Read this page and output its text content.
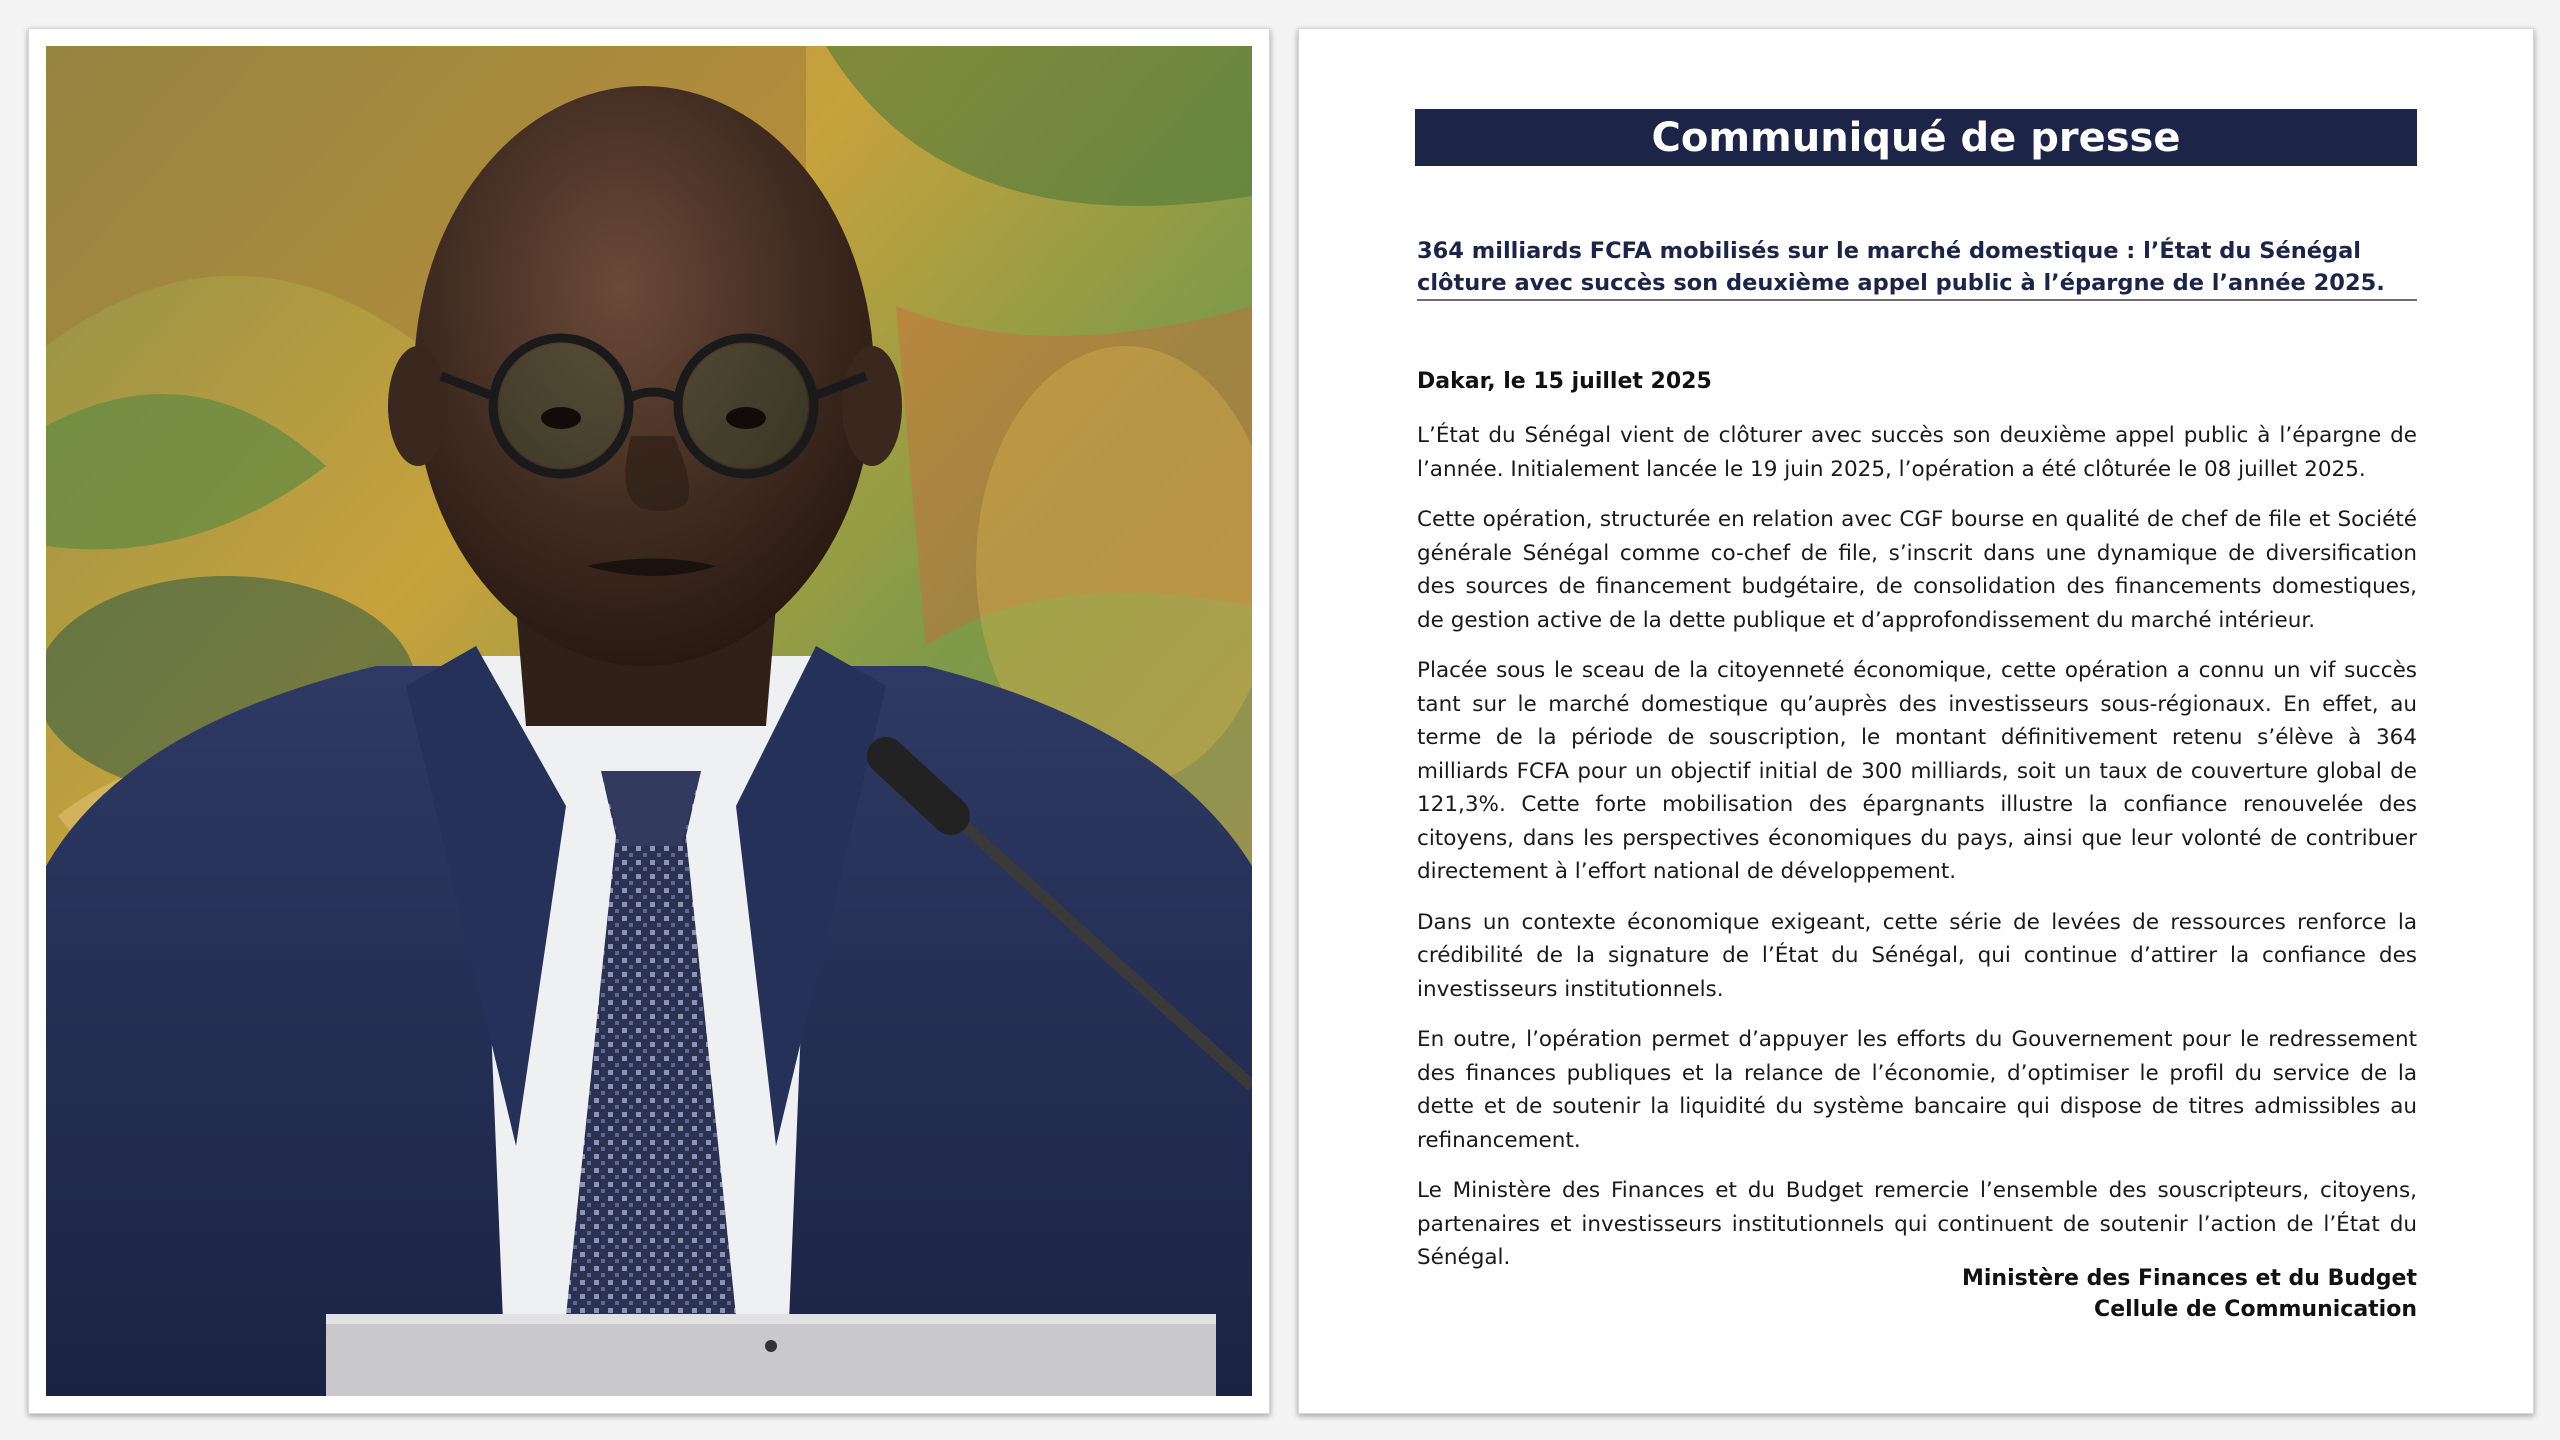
Communiqué de presse
364 milliards FCFA mobilisés sur le marché domestique : l’État du Sénégal clôture avec succès son deuxième appel public à l’épargne de l’année 2025.
Dakar, le 15 juillet 2025

L’État du Sénégal vient de clôturer avec succès son deuxième appel public à l’épargne de l’année. Initialement lancée le 19 juin 2025, l’opération a été clôturée le 08 juillet 2025.

Cette opération, structurée en relation avec CGF bourse en qualité de chef de file et Société générale Sénégal comme co-chef de file, s’inscrit dans une dynamique de diversification des sources de financement budgétaire, de consolidation des financements domestiques, de gestion active de la dette publique et d’approfondissement du marché intérieur.

Placée sous le sceau de la citoyenneté économique, cette opération a connu un vif succès tant sur le marché domestique qu’auprès des investisseurs sous-régionaux. En effet, au terme de la période de souscription, le montant définitivement retenu s’élève à 364 milliards FCFA pour un objectif initial de 300 milliards, soit un taux de couverture global de 121,3%. Cette forte mobilisation des épargnants illustre la confiance renouvelée des citoyens, dans les perspectives économiques du pays, ainsi que leur volonté de contribuer directement à l’effort national de développement.

Dans un contexte économique exigeant, cette série de levées de ressources renforce la crédibilité de la signature de l’État du Sénégal, qui continue d’attirer la confiance des investisseurs institutionnels.

En outre, l’opération permet d’appuyer les efforts du Gouvernement pour le redressement des finances publiques et la relance de l’économie, d’optimiser le profil du service de la dette et de soutenir la liquidité du système bancaire qui dispose de titres admissibles au refinancement.

Le Ministère des Finances et du Budget remercie l’ensemble des souscripteurs, citoyens, partenaires et investisseurs institutionnels qui continuent de soutenir l’action de l’État du Sénégal.

Ministère des Finances et du Budget
Cellule de Communication
